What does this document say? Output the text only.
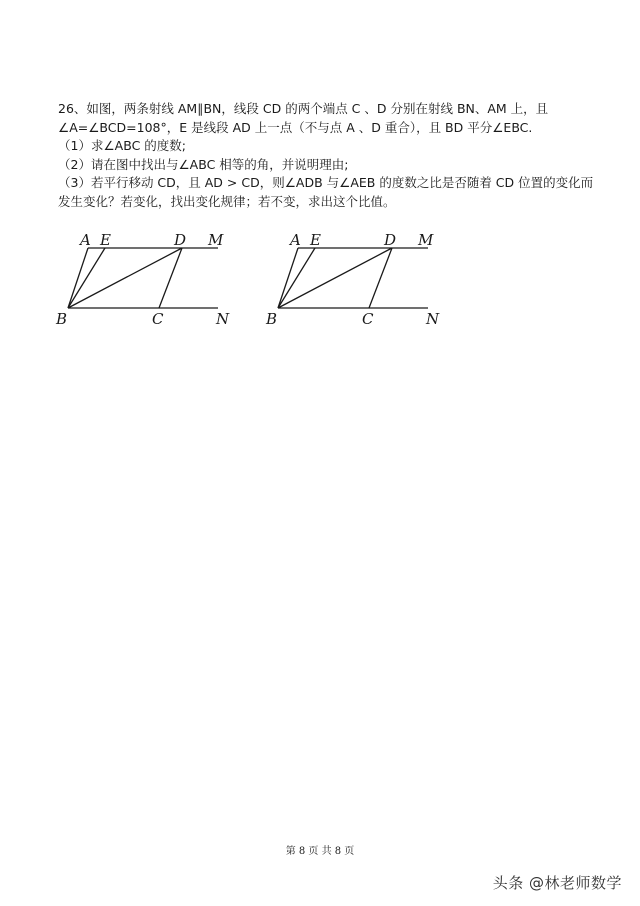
26、如图，两条射线 AM∥BN，线段 CD 的两个端点 C 、D 分别在射线 BN、AM 上，且
∠A=∠BCD=108°，E 是线段 AD 上一点（不与点 A 、D 重合），且 BD 平分∠EBC.
（1）求∠ABC 的度数;
（2）请在图中找出与∠ABC 相等的角，并说明理由;
（3）若平行移动 CD，且 AD > CD，则∠ADB 与∠AEB 的度数之比是否随着 CD 位置的变化而
发生变化？若变化，找出变化规律；若不变，求出这个比值。
A E	D M
B	C	N
A E	D M
B	C	N
第 8 页 共 8 页
头条 @林老师数学
